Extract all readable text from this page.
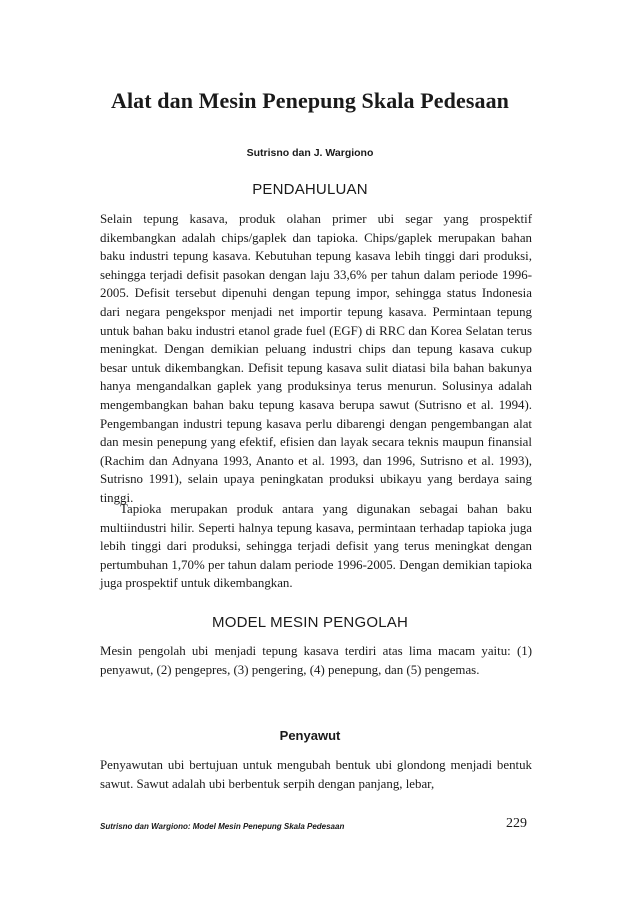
Alat dan Mesin Penepung Skala Pedesaan
Sutrisno dan J. Wargiono
PENDAHULUAN

Selain tepung kasava, produk olahan primer ubi segar yang prospektif dikembangkan adalah chips/gaplek dan tapioka. Chips/gaplek merupakan bahan baku industri tepung kasava. Kebutuhan tepung kasava lebih tinggi dari produksi, sehingga terjadi defisit pasokan dengan laju 33,6% per tahun dalam periode 1996-2005. Defisit tersebut dipenuhi dengan tepung impor, sehingga status Indonesia dari negara pengekspor menjadi net importir tepung kasava. Permintaan tepung untuk bahan baku industri etanol grade fuel (EGF) di RRC dan Korea Selatan terus meningkat. Dengan demikian peluang industri chips dan tepung kasava cukup besar untuk dikembangkan. Defisit tepung kasava sulit diatasi bila bahan bakunya hanya mengandalkan gaplek yang produksinya terus menurun. Solusinya adalah mengembangkan bahan baku tepung kasava berupa sawut (Sutrisno et al. 1994). Pengembangan industri tepung kasava perlu dibarengi dengan pengembangan alat dan mesin penepung yang efektif, efisien dan layak secara teknis maupun finansial (Rachim dan Adnyana 1993, Ananto et al. 1993, dan 1996, Sutrisno et al. 1993), Sutrisno 1991), selain upaya peningkatan produksi ubikayu yang berdaya saing tinggi.

Tapioka merupakan produk antara yang digunakan sebagai bahan baku multiindustri hilir. Seperti halnya tepung kasava, permintaan terhadap tapioka juga lebih tinggi dari produksi, sehingga terjadi defisit yang terus meningkat dengan pertumbuhan 1,70% per tahun dalam periode 1996-2005. Dengan demikian tapioka juga prospektif untuk dikembangkan.

MODEL MESIN PENGOLAH

Mesin pengolah ubi menjadi tepung kasava terdiri atas lima macam yaitu: (1) penyawut, (2) pengepres, (3) pengering, (4) penepung, dan (5) pengemas.

Penyawut

Penyawutan ubi bertujuan untuk mengubah bentuk ubi glondong menjadi bentuk sawut. Sawut adalah ubi berbentuk serpih dengan panjang, lebar,

Sutrisno dan Wargiono: Model Mesin Penepung Skala Pedesaan	229
